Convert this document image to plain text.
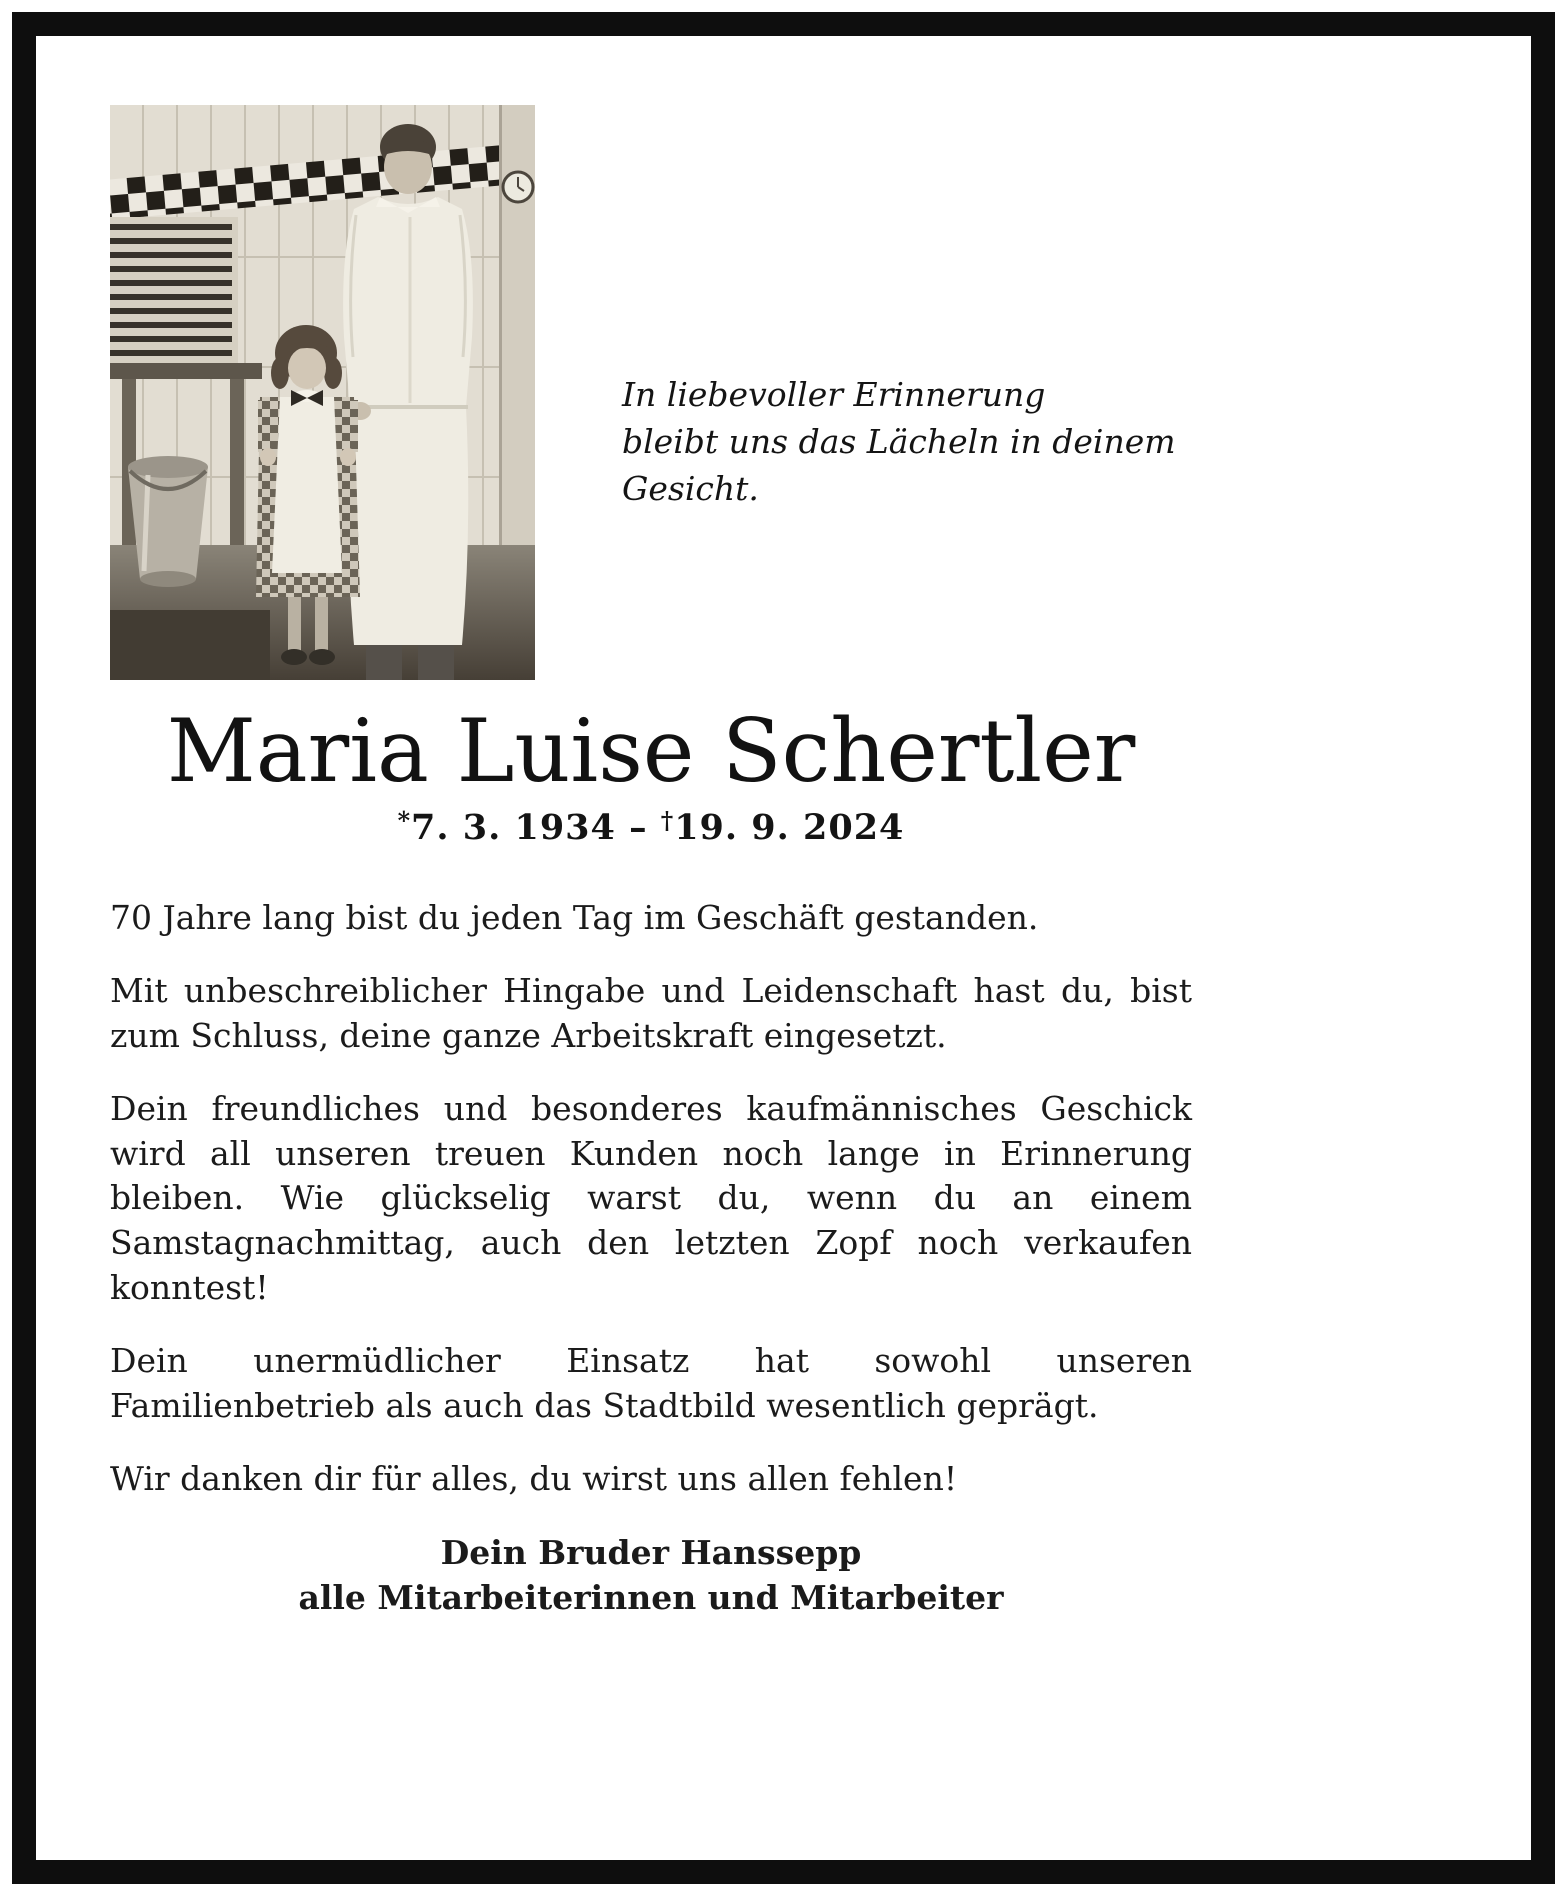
In liebevoller Erinnerung
bleibt uns das Lächeln in deinem Gesicht.
Maria Luise Schertler
*7. 3. 1934 – †19. 9. 2024

70 Jahre lang bist du jeden Tag im Geschäft gestanden.

Mit unbeschreiblicher Hingabe und Leidenschaft hast du, bist zum Schluss, deine ganze Arbeitskraft eingesetzt.

Dein freundliches und besonderes kaufmännisches Geschick wird all unseren treuen Kunden noch lange in Erinnerung bleiben. Wie glückselig warst du, wenn du an einem Samstagnachmittag, auch den letzten Zopf noch verkaufen konntest!

Dein unermüdlicher Einsatz hat sowohl unseren Familienbetrieb als auch das Stadtbild wesentlich geprägt.

Wir danken dir für alles, du wirst uns allen fehlen!

Dein Bruder Hanssepp
alle Mitarbeiterinnen und Mitarbeiter
